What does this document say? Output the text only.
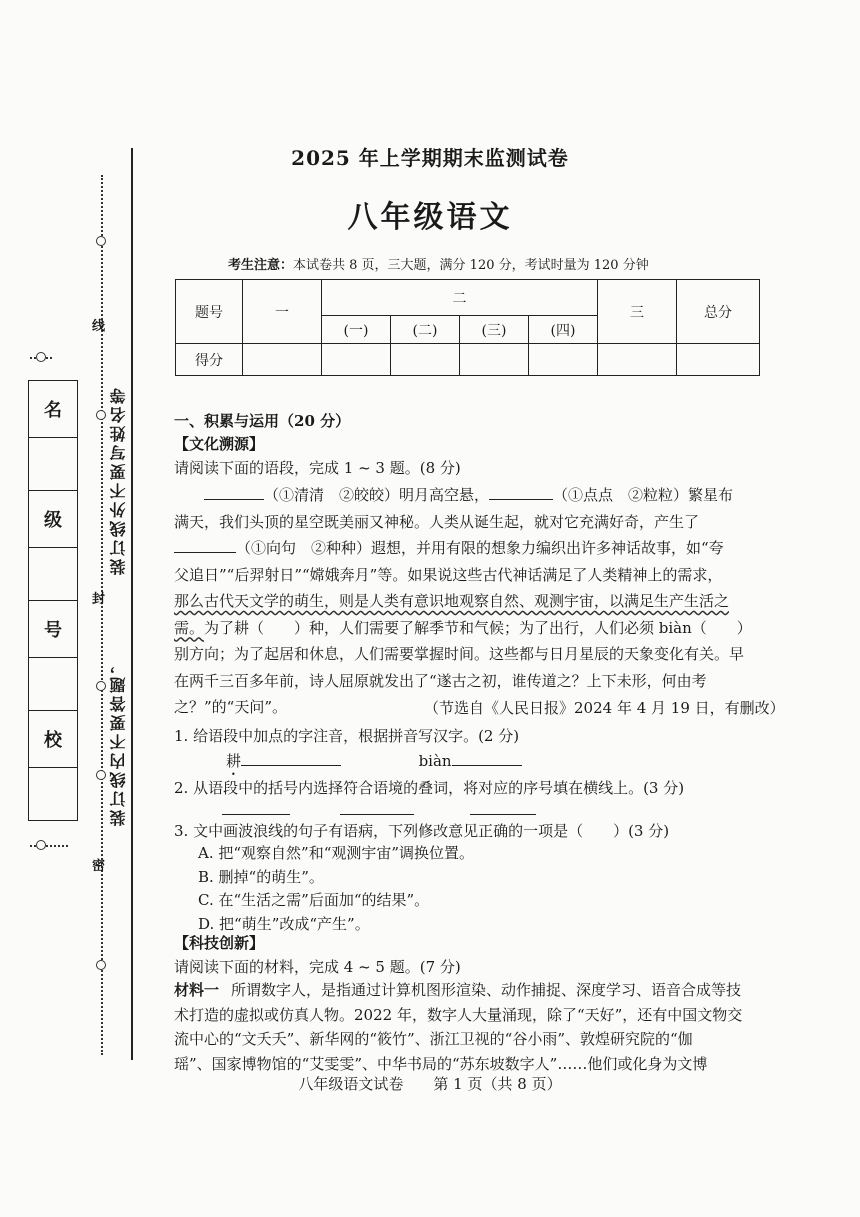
线
封
密
装订线外不要写姓名等
装订线内不要答题，
名
级
号
校
2025 年上学期期末监测试卷
八年级语文
考生注意：本试卷共 8 页，三大题，满分 120 分，考试时量为 120 分钟
题号	一	二				三	总分
		(一)	(二)	(三)	(四)		
得分							
一、积累与运用（20 分）
【文化溯源】
请阅读下面的语段，完成 1 ~ 3 题。(8 分)
（①清清　②皎皎）明月高空悬，	（①点点　②粒粒）繁星布
满天，我们头顶的星空既美丽又神秘。人类从诞生起，就对它充满好奇，产生了
（①向句　②种种）遐想，并用有限的想象力编织出许多神话故事，如“夸
父追日”“后羿射日”“嫦娥奔月”等。如果说这些古代神话满足了人类精神上的需求，
那么古代天文学的萌生，则是人类有意识地观察自然、观测宇宙，以满足生产生活之
需。为了耕（　　）种，人们需要了解季节和气候；为了出行，人们必须 biàn（　　）
别方向；为了起居和休息，人们需要掌握时间。这些都与日月星辰的天象变化有关。早
在两千三百多年前，诗人屈原就发出了“遂古之初，谁传道之？上下未形，何由考
之？”的“天问”。	（节选自《人民日报》2024 年 4 月 19 日，有删改）
1. 给语段中加点的字注音，根据拼音写汉字。(2 分)
耕	biàn
2. 从语段中的括号内选择符合语境的叠词，将对应的序号填在横线上。(3 分)

3. 文中画波浪线的句子有语病，下列修改意见正确的一项是（　　）(3 分)
A. 把“观察自然”和“观测宇宙”调换位置。
B. 删掉“的萌生”。
C. 在“生活之需”后面加“的结果”。
D. 把“萌生”改成“产生”。
【科技创新】
请阅读下面的材料，完成 4 ~ 5 题。(7 分)
材料一 所谓数字人，是指通过计算机图形渲染、动作捕捉、深度学习、语音合成等技
术打造的虚拟或仿真人物。2022 年，数字人大量涌现，除了“天好”，还有中国文物交
流中心的“文夭夭”、新华网的“筱竹”、浙江卫视的“谷小雨”、敦煌研究院的“伽
瑶”、国家博物馆的“艾雯雯”、中华书局的“苏东坡数字人”……他们或化身为文博
八年级语文试卷　　第 1 页（共 8 页）
